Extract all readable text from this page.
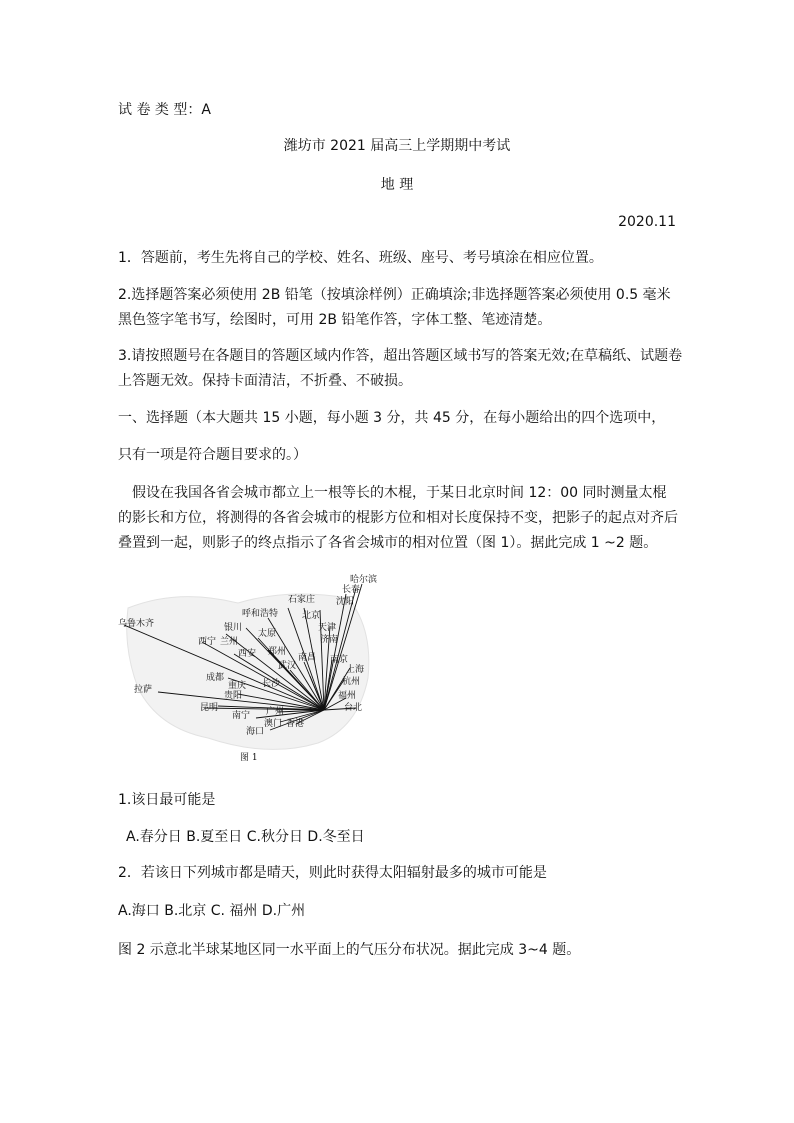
试 卷 类 型：A
潍坊市 2021 届高三上学期期中考试
地 理
2020.11
1．答题前，考生先将自己的学校、姓名、班级、座号、考号填涂在相应位置。
2.选择题答案必须使用 2B 铅笔（按填涂样例）正确填涂;非选择题答案必须使用 0.5 毫米
黑色签字笔书写，绘图时，可用 2B 铅笔作答，字体工整、笔迹清楚。
3.请按照题号在各题目的答题区域内作答，超出答题区域书写的答案无效;在草稿纸、试题卷
上答题无效。保持卡面清洁，不折叠、不破损。
一、选择题（本大题共 15 小题，每小题 3 分，共 45 分，在每小题给出的四个选项中，
只有一项是符合题目要求的。）
假设在我国各省会城市都立上一根等长的木棍，于某日北京时间 12：00 同时测量太棍
的影长和方位，将测得的各省会城市的棍影方位和相对长度保持不变，把影子的起点对齐后
叠置到一起，则影子的终点指示了各省会城市的相对位置（图 1）。据此完成 1 ~2 题。
乌鲁木齐
拉萨
西宁 兰州
银川
呼和浩特
石家庄
北京
天津
济南
沈阳
长春
哈尔滨
太原
郑州
西安
成都
重庆
贵阳
昆明
南宁
海口
广州
澳门 香港
武汉
长沙
南昌 南京
上海
杭州
福州
台北
图 1
1.该日最可能是
A.春分日 B.夏至日 C.秋分日 D.冬至日
2．若该日下列城市都是晴天，则此时获得太阳辐射最多的城市可能是
A.海口 B.北京 C. 福州 D.广州
图 2 示意北半球某地区同一水平面上的气压分布状况。据此完成 3~4 题。
